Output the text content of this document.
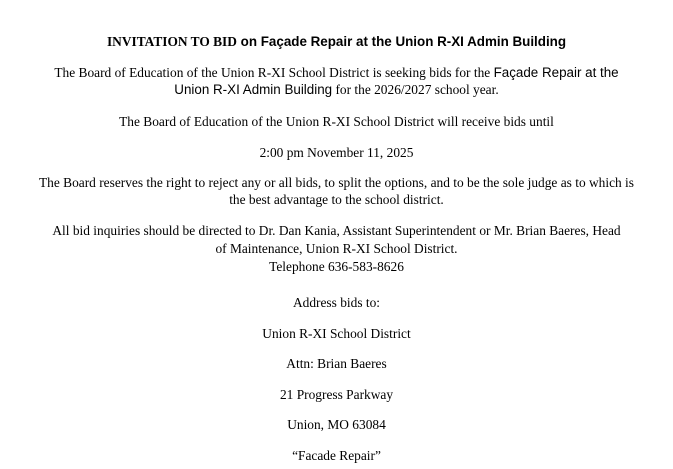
INVITATION TO BID on Façade Repair at the Union R-XI Admin Building
The Board of Education of the Union R-XI School District is seeking bids for the Façade Repair at the
Union R-XI Admin Building for the 2026/2027 school year.
The Board of Education of the Union R-XI School District will receive bids until
2:00 pm November 11, 2025
The Board reserves the right to reject any or all bids, to split the options, and to be the sole judge as to which is
the best advantage to the school district.
All bid inquiries should be directed to Dr. Dan Kania, Assistant Superintendent or Mr. Brian Baeres, Head
of Maintenance, Union R-XI School District.
Telephone 636-583-8626
Address bids to:
Union R-XI School District
Attn: Brian Baeres
21 Progress Parkway
Union, MO 63084
“Facade Repair”
